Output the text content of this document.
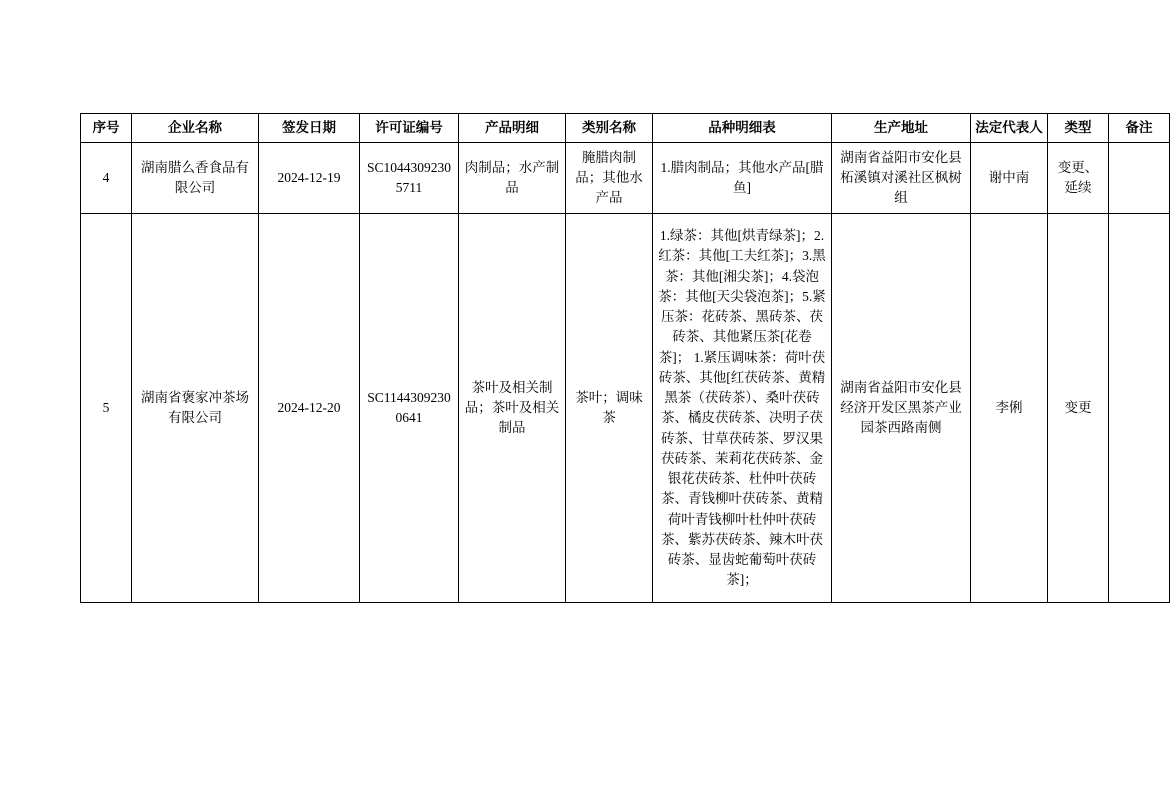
序号	企业名称	签发日期	许可证编号	产品明细	类别名称	品种明细表	生产地址	法定代表人	类型	备注
4	湖南腊么香食品有限公司	2024-12-19	SC10443092305711	肉制品；水产制品	腌腊肉制品；其他水产品	1.腊肉制品；其他水产品[腊鱼]	湖南省益阳市安化县柘溪镇对溪社区枫树组	谢中南	变更、延续	
5	湖南省褒家冲茶场有限公司	2024-12-20	SC11443092300641	茶叶及相关制品；茶叶及相关制品	茶叶；调味茶	1.绿茶：其他[烘青绿茶]；2.红茶：其他[工夫红茶]；3.黑茶：其他[湘尖茶]；4.袋泡茶：其他[天尖袋泡茶]；5.紧压茶：花砖茶、黑砖茶、茯砖茶、其他紧压茶[花卷茶]； 1.紧压调味茶：荷叶茯砖茶、其他[红茯砖茶、黄精黑茶（茯砖茶）、桑叶茯砖茶、橘皮茯砖茶、决明子茯砖茶、甘草茯砖茶、罗汉果茯砖茶、茉莉花茯砖茶、金银花茯砖茶、杜仲叶茯砖茶、青钱柳叶茯砖茶、黄精荷叶青钱柳叶杜仲叶茯砖茶、紫苏茯砖茶、辣木叶茯砖茶、显齿蛇葡萄叶茯砖茶]；	湖南省益阳市安化县经济开发区黑茶产业园茶西路南侧	李俐	变更	
